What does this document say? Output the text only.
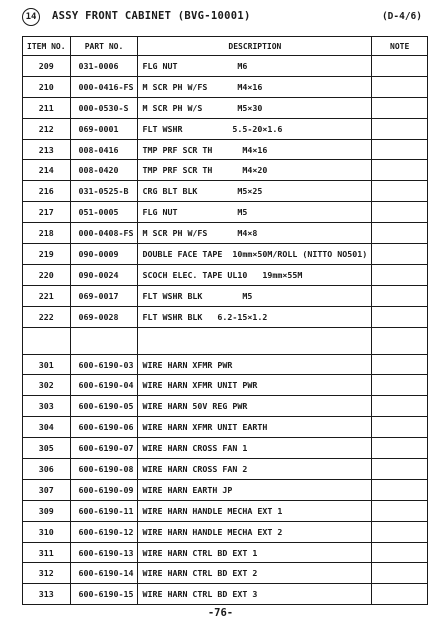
14	ASSY FRONT CABINET (BVG-10001)	(D-4/6)
ITEM NO.	PART NO.	DESCRIPTION	NOTE
209	031-0006	FLG NUT            M6	
210	000-0416-FS	M SCR PH W/FS      M4×16	
211	000-0530-S	M SCR PH W/S       M5×30	
212	069-0001	FLT WSHR          5.5-20×1.6	
213	008-0416	TMP PRF SCR TH      M4×16	
214	008-0420	TMP PRF SCR TH      M4×20	
216	031-0525-B	CRG BLT BLK        M5×25	
217	051-0005	FLG NUT            M5	
218	000-0408-FS	M SCR PH W/FS      M4×8	
219	090-0009	DOUBLE FACE TAPE  10mm×50M/ROLL (NITTO NO501)	
220	090-0024	SCOCH ELEC. TAPE UL10   19mm×55M	
221	069-0017	FLT WSHR BLK        M5	
222	069-0028	FLT WSHR BLK   6.2-15×1.2	

301	600-6190-03	WIRE HARN XFMR PWR	
302	600-6190-04	WIRE HARN XFMR UNIT PWR	
303	600-6190-05	WIRE HARN 50V REG PWR	
304	600-6190-06	WIRE HARN XFMR UNIT EARTH	
305	600-6190-07	WIRE HARN CROSS FAN 1	
306	600-6190-08	WIRE HARN CROSS FAN 2	
307	600-6190-09	WIRE HARN EARTH JP	
309	600-6190-11	WIRE HARN HANDLE MECHA EXT 1	
310	600-6190-12	WIRE HARN HANDLE MECHA EXT 2	
311	600-6190-13	WIRE HARN CTRL BD EXT 1	
312	600-6190-14	WIRE HARN CTRL BD EXT 2	
313	600-6190-15	WIRE HARN CTRL BD EXT 3	
-76-
